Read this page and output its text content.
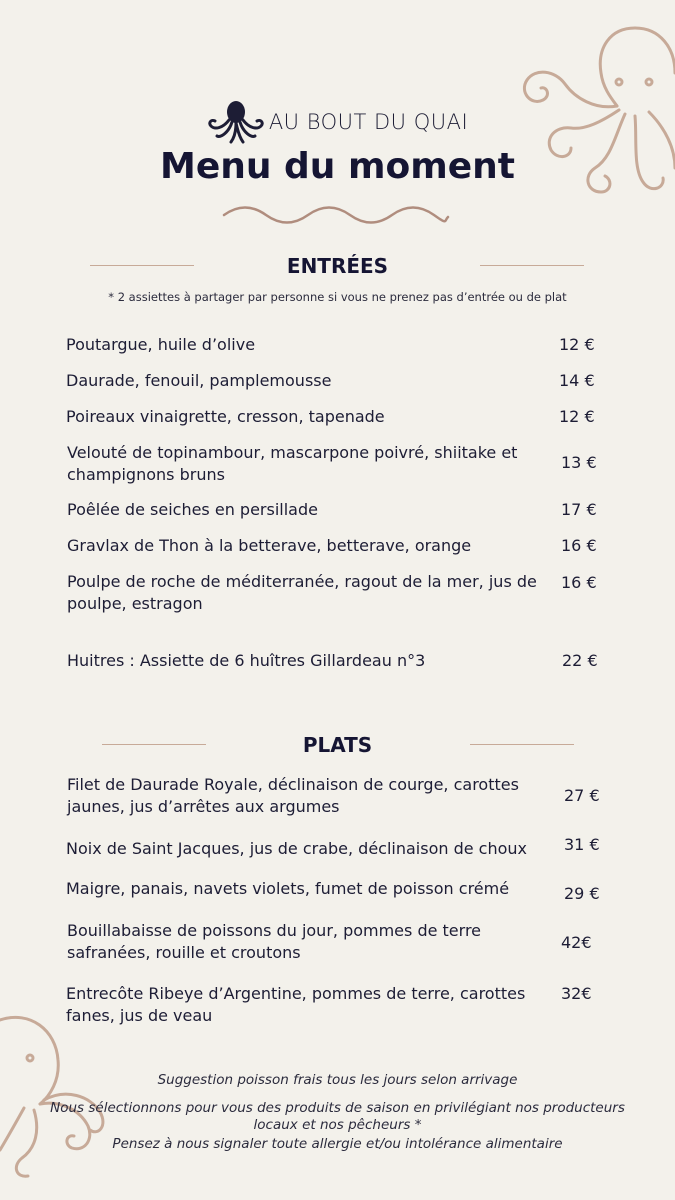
AU BOUT DU QUAI
Menu du moment
ENTRÉES
* 2 assiettes à partager par personne si vous ne prenez pas d’entrée ou de plat
Poutargue, huile d’olive	12 €
Daurade, fenouil, pamplemousse	14 €
Poireaux vinaigrette, cresson, tapenade	12 €
Velouté de topinambour, mascarpone poivré, shiitake et champignons bruns
13 €
Poêlée de seiches en persillade	17 €
Gravlax de Thon à la betterave, betterave, orange	16 €
Poulpe de roche de méditerranée, ragout de la mer, jus de poulpe, estragon
16 €
Huitres : Assiette de 6 huîtres Gillardeau n°3	22 €
PLATS
Filet de Daurade Royale, déclinaison de courge, carottes jaunes, jus d’arrêtes aux argumes
27 €
Noix de Saint Jacques, jus de crabe, déclinaison de choux	31 €
Maigre, panais, navets violets, fumet de poisson crémé	29 €
Bouillabaisse de poissons du jour, pommes de terre safranées, rouille et croutons
42€
Entrecôte Ribeye d’Argentine, pommes de terre, carottes fanes, jus de veau
32€
Suggestion poisson frais tous les jours selon arrivage
Nous sélectionnons pour vous des produits de saison en privilégiant nos producteurs locaux et nos pêcheurs *
Pensez à nous signaler toute allergie et/ou intolérance alimentaire
